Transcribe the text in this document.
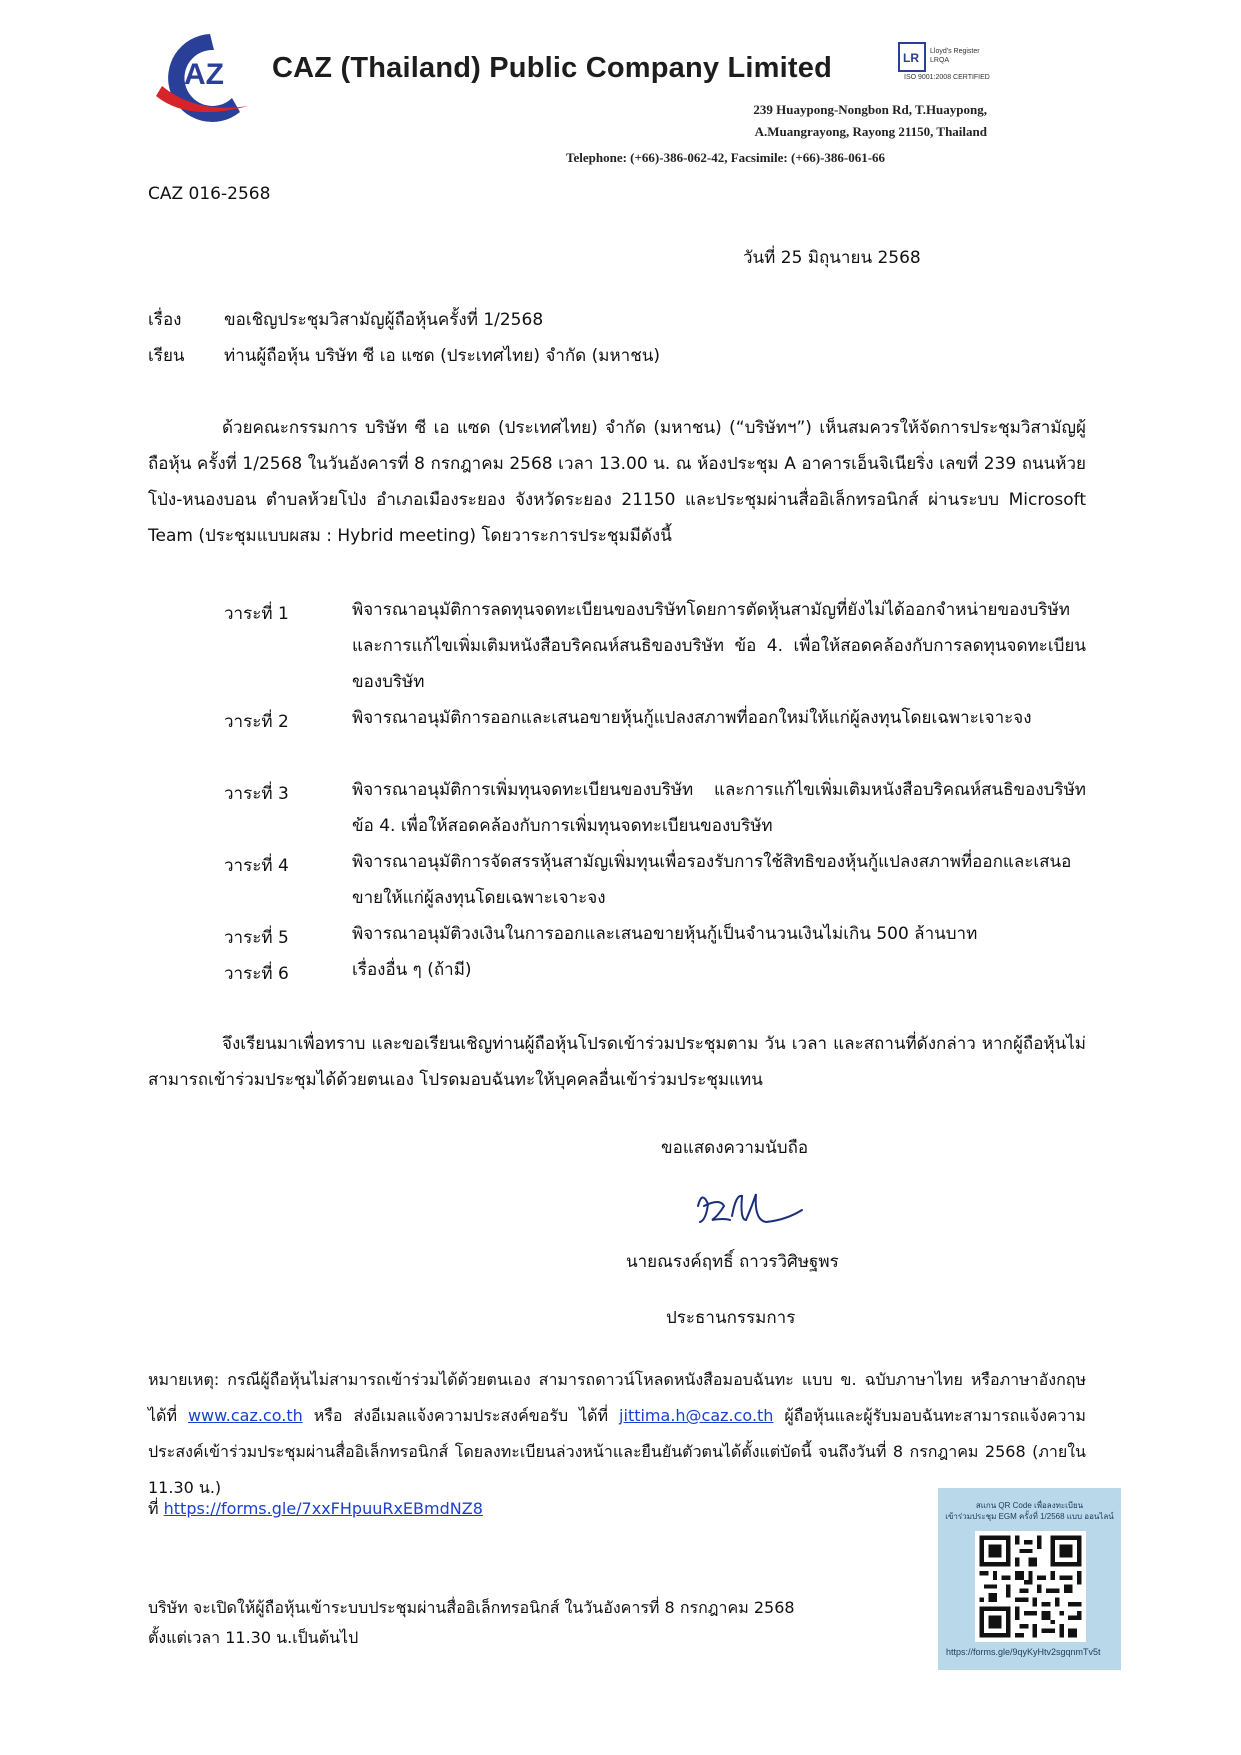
AZ CAZ (Thailand) Public Company Limited	LR Lloyd's Register
LRQA
ISO 9001:2008 CERTIFIED
239 Huaypong-Nongbon Rd, T.Huaypong,
A.Muangrayong, Rayong 21150, Thailand
Telephone: (+66)-386-062-42, Facsimile: (+66)-386-061-66
CAZ 016-2568
วันที่ 25 มิถุนายน 2568
เรื่อง	ขอเชิญประชุมวิสามัญผู้ถือหุ้นครั้งที่ 1/2568
เรียน ท่านผู้ถือหุ้น บริษัท ซี เอ แซด (ประเทศไทย) จำกัด (มหาชน)
ด้วยคณะกรรมการ บริษัท ซี เอ แซด (ประเทศไทย) จำกัด (มหาชน) (“บริษัทฯ”) เห็นสมควรให้จัดการประชุมวิสามัญผู้ถือหุ้น ครั้งที่ 1/2568 ในวันอังคารที่ 8 กรกฎาคม 2568 เวลา 13.00 น. ณ ห้องประชุม A อาคารเอ็นจิเนียริ่ง เลขที่ 239 ถนนห้วยโป่ง-หนองบอน ตำบลห้วยโป่ง อำเภอเมืองระยอง จังหวัดระยอง 21150 และประชุมผ่านสื่ออิเล็กทรอนิกส์ ผ่านระบบ Microsoft Team (ประชุมแบบผสม : Hybrid meeting) โดยวาระการประชุมมีดังนี้
วาระที่ 1	พิจารณาอนุมัติการลดทุนจดทะเบียนของบริษัทโดยการตัดหุ้นสามัญที่ยังไม่ได้ออกจำหน่ายของบริษัท และการแก้ไขเพิ่มเติมหนังสือบริคณห์สนธิของบริษัท ข้อ 4. เพื่อให้สอดคล้องกับการลดทุนจดทะเบียนของบริษัท
วาระที่ 2	พิจารณาอนุมัติการออกและเสนอขายหุ้นกู้แปลงสภาพที่ออกใหม่ให้แก่ผู้ลงทุนโดยเฉพาะเจาะจง
วาระที่ 3	พิจารณาอนุมัติการเพิ่มทุนจดทะเบียนของบริษัท และการแก้ไขเพิ่มเติมหนังสือบริคณห์สนธิของบริษัท ข้อ 4. เพื่อให้สอดคล้องกับการเพิ่มทุนจดทะเบียนของบริษัท
วาระที่ 4	พิจารณาอนุมัติการจัดสรรหุ้นสามัญเพิ่มทุนเพื่อรองรับการใช้สิทธิของหุ้นกู้แปลงสภาพที่ออกและเสนอขายให้แก่ผู้ลงทุนโดยเฉพาะเจาะจง
วาระที่ 5	พิจารณาอนุมัติวงเงินในการออกและเสนอขายหุ้นกู้เป็นจำนวนเงินไม่เกิน 500 ล้านบาท
วาระที่ 6	เรื่องอื่น ๆ (ถ้ามี)
จึงเรียนมาเพื่อทราบ และขอเรียนเชิญท่านผู้ถือหุ้นโปรดเข้าร่วมประชุมตาม วัน เวลา และสถานที่ดังกล่าว หากผู้ถือหุ้นไม่สามารถเข้าร่วมประชุมได้ด้วยตนเอง โปรดมอบฉันทะให้บุคคลอื่นเข้าร่วมประชุมแทน
ขอแสดงความนับถือ
นายณรงค์ฤทธิ์ ถาวรวิศิษฐพร
ประธานกรรมการ
หมายเหตุ: กรณีผู้ถือหุ้นไม่สามารถเข้าร่วมได้ด้วยตนเอง สามารถดาวน์โหลดหนังสือมอบฉันทะ แบบ ข. ฉบับภาษาไทย หรือภาษาอังกฤษ ได้ที่ www.caz.co.th หรือ ส่งอีเมลแจ้งความประสงค์ขอรับ ได้ที่ jittima.h@caz.co.th ผู้ถือหุ้นและผู้รับมอบฉันทะสามารถแจ้งความประสงค์เข้าร่วมประชุมผ่านสื่ออิเล็กทรอนิกส์ โดยลงทะเบียนล่วงหน้าและยืนยันตัวตนได้ตั้งแต่บัดนี้ จนถึงวันที่ 8 กรกฎาคม 2568 (ภายใน 11.30 น.)
ที่ https://forms.gle/7xxFHpuuRxEBmdNZ8
บริษัท จะเปิดให้ผู้ถือหุ้นเข้าระบบประชุมผ่านสื่ออิเล็กทรอนิกส์ ในวันอังคารที่ 8 กรกฎาคม 2568
ตั้งแต่เวลา 11.30 น.เป็นต้นไป
สแกน QR Code เพื่อลงทะเบียน
เข้าร่วมประชุม EGM ครั้งที่ 1/2568 แบบ ออนไลน์
https://forms.gle/9qyKyHtv2sgqnmTv5t
